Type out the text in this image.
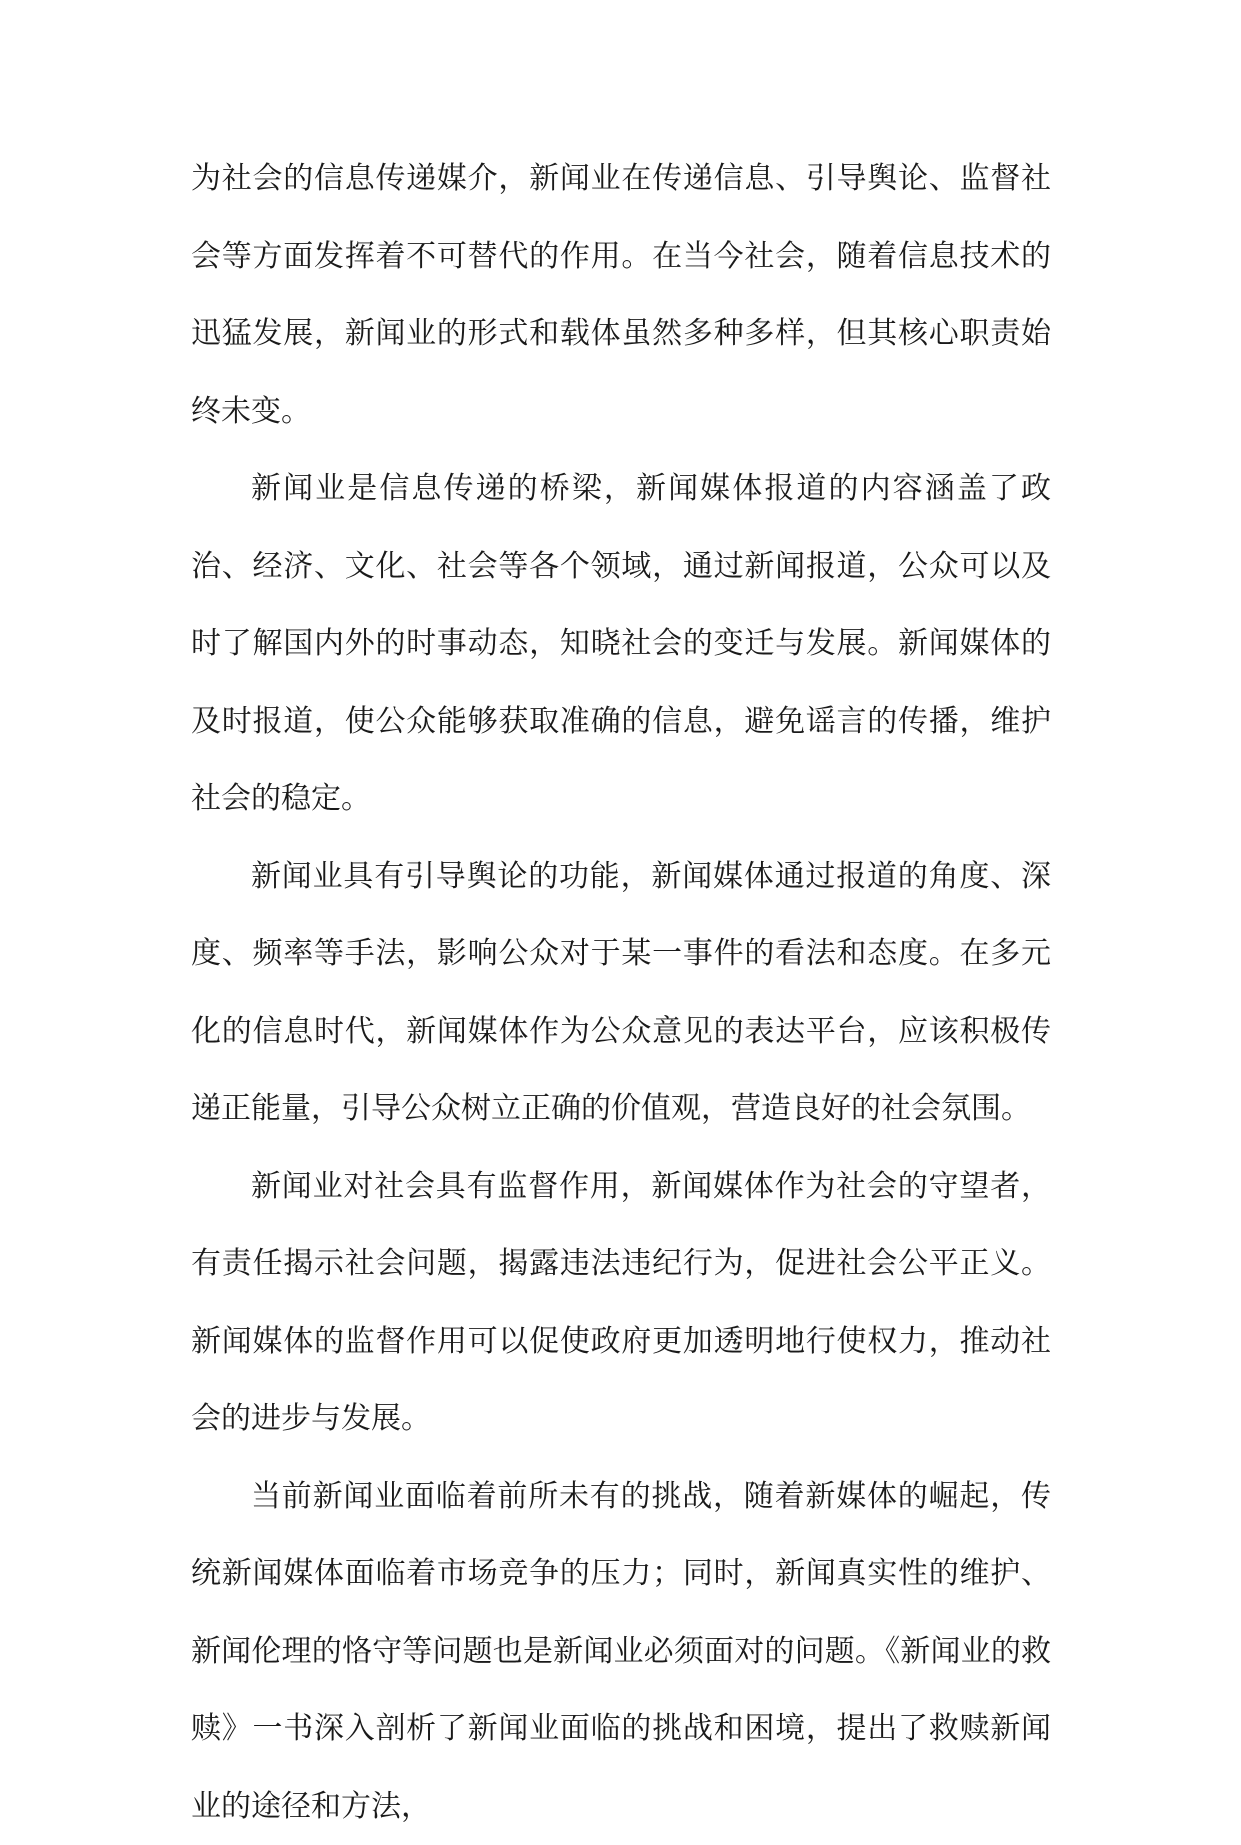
为社会的信息传递媒介，新闻业在传递信息、引导舆论、监督社会等方面发挥着不可替代的作用。在当今社会，随着信息技术的迅猛发展，新闻业的形式和载体虽然多种多样，但其核心职责始终未变。

新闻业是信息传递的桥梁，新闻媒体报道的内容涵盖了政治、经济、文化、社会等各个领域，通过新闻报道，公众可以及时了解国内外的时事动态，知晓社会的变迁与发展。新闻媒体的及时报道，使公众能够获取准确的信息，避免谣言的传播，维护社会的稳定。

新闻业具有引导舆论的功能，新闻媒体通过报道的角度、深度、频率等手法，影响公众对于某一事件的看法和态度。在多元化的信息时代，新闻媒体作为公众意见的表达平台，应该积极传递正能量，引导公众树立正确的价值观，营造良好的社会氛围。

新闻业对社会具有监督作用，新闻媒体作为社会的守望者，有责任揭示社会问题，揭露违法违纪行为，促进社会公平正义。新闻媒体的监督作用可以促使政府更加透明地行使权力，推动社会的进步与发展。

当前新闻业面临着前所未有的挑战，随着新媒体的崛起，传统新闻媒体面临着市场竞争的压力；同时，新闻真实性的维护、新闻伦理的恪守等问题也是新闻业必须面对的问题。《新闻业的救赎》一书深入剖析了新闻业面临的挑战和困境，提出了救赎新闻业的途径和方法，
